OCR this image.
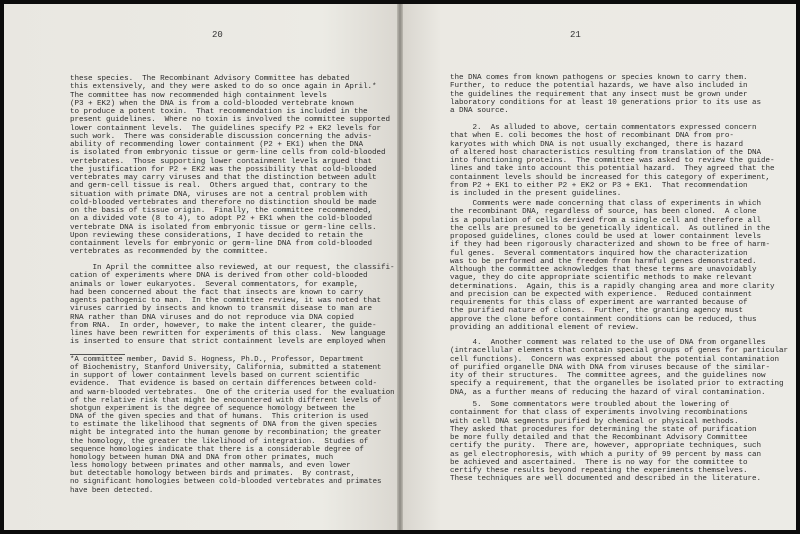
20
these species.  The Recombinant Advisory Committee has debated
this extensively, and they were asked to do so once again in April.*
The committee has now recommended high containment levels
(P3 + EK2) when the DNA is from a cold-blooded vertebrate known
to produce a potent toxin.  That recommendation is included in the
present guidelines.  Where no toxin is involved the committee supported
lower containment levels.  The guidelines specify P2 + EK2 levels for
such work.  There was considerable discussion concerning the advis-
ability of recommending lower containment (P2 + EK1) when the DNA
is isolated from embryonic tissue or germ-line cells from cold-blooded
vertebrates.  Those supporting lower containment levels argued that
the justification for P2 + EK2 was the possibility that cold-blooded
vertebrates may carry viruses and that the distinction between adult
and germ-cell tissue is real.  Others argued that, contrary to the
situation with primate DNA, viruses are not a central problem with
cold-blooded vertebrates and therefore no distinction should be made
on the basis of tissue origin.  Finally, the committee recommended,
on a divided vote (8 to 4), to adopt P2 + EK1 when the cold-blooded
vertebrate DNA is isolated from embryonic tissue or germ-line cells.
Upon reviewing these considerations, I have decided to retain the
containment levels for embryonic or germ-line DNA from cold-blooded
vertebrates as recommended by the committee.
In April the committee also reviewed, at our request, the classifi-
cation of experiments where DNA is derived from other cold-blooded
animals or lower eukaryotes.  Several commentators, for example,
had been concerned about the fact that insects are known to carry
agents pathogenic to man.  In the committee review, it was noted that
viruses carried by insects and known to transmit disease to man are
RNA rather than DNA viruses and do not reproduce via DNA copied
from RNA.  In order, however, to make the intent clearer, the guide-
lines have been rewritten for experiments of this class.  New language
is inserted to ensure that strict containment levels are employed when
*A committee member, David S. Hogness, Ph.D., Professor, Department
of Biochemistry, Stanford University, California, submitted a statement
in support of lower containment levels based on current scientific
evidence.  That evidence is based on certain differences between cold-
and warm-blooded vertebrates.  One of the criteria used for the evaluation
of the relative risk that might be encountered with different levels of
shotgun experiment is the degree of sequence homology between the
DNA of the given species and that of humans.  This criterion is used
to estimate the likelihood that segments of DNA from the given species
might be integrated into the human genome by recombination; the greater
the homology, the greater the likelihood of integration.  Studies of
sequence homologies indicate that there is a considerable degree of
homology between human DNA and DNA from other primates, much
less homology between primates and other mammals, and even lower
but detectable homology between birds and primates.  By contrast,
no significant homologies between cold-blooded vertebrates and primates
have been detected.
21
the DNA comes from known pathogens or species known to carry them.
Further, to reduce the potential hazards, we have also included in
the guidelines the requirement that any insect must be grown under
laboratory conditions for at least 10 generations prior to its use as
a DNA source.
2.  As alluded to above, certain commentators expressed concern
that when E. coli becomes the host of recombinant DNA from pro-
karyotes with which DNA is not usually exchanged, there is hazard
of altered host characteristics resulting from translation of the DNA
into functioning proteins.  The committee was asked to review the guide-
lines and take into account this potential hazard.  They agreed that the
containment levels should be increased for this category of experiment,
from P2 + EK1 to either P2 + EK2 or P3 + EK1.  That recommendation
is included in the present guidelines.
Comments were made concerning that class of experiments in which
the recombinant DNA, regardless of source, has been cloned.  A clone
is a population of cells derived from a single cell and therefore all
the cells are presumed to be genetically identical.  As outlined in the
proposed guidelines, clones could be used at lower containment levels
if they had been rigorously characterized and shown to be free of harm-
ful genes.  Several commentators inquired how the characterization
was to be performed and the freedom from harmful genes demonstrated.
Although the committee acknowledges that these terms are unavoidably
vague, they do cite appropriate scientific methods to make relevant
determinations.  Again, this is a rapidly changing area and more clarity
and precision can be expected with experience.  Reduced containment
requirements for this class of experiment are warranted because of
the purified nature of clones.  Further, the granting agency must
approve the clone before containment conditions can be reduced, thus
providing an additional element of review.
4.  Another comment was related to the use of DNA from organelles
(intracellular elements that contain special groups of genes for particular
cell functions).  Concern was expressed about the potential contamination
of purified organelle DNA with DNA from viruses because of the similar-
ity of their structures.  The committee agrees, and the guidelines now
specify a requirement, that the organelles be isolated prior to extracting
DNA, as a further means of reducing the hazard of viral contamination.
5.  Some commentators were troubled about the lowering of
containment for that class of experiments involving recombinations
with cell DNA segments purified by chemical or physical methods.
They asked that procedures for determining the state of purification
be more fully detailed and that the Recombinant Advisory Committee
certify the purity.  There are, however, appropriate techniques, such
as gel electrophoresis, with which a purity of 99 percent by mass can
be achieved and ascertained.  There is no way for the committee to
certify these results beyond repeating the experiments themselves.
These techniques are well documented and described in the literature.
